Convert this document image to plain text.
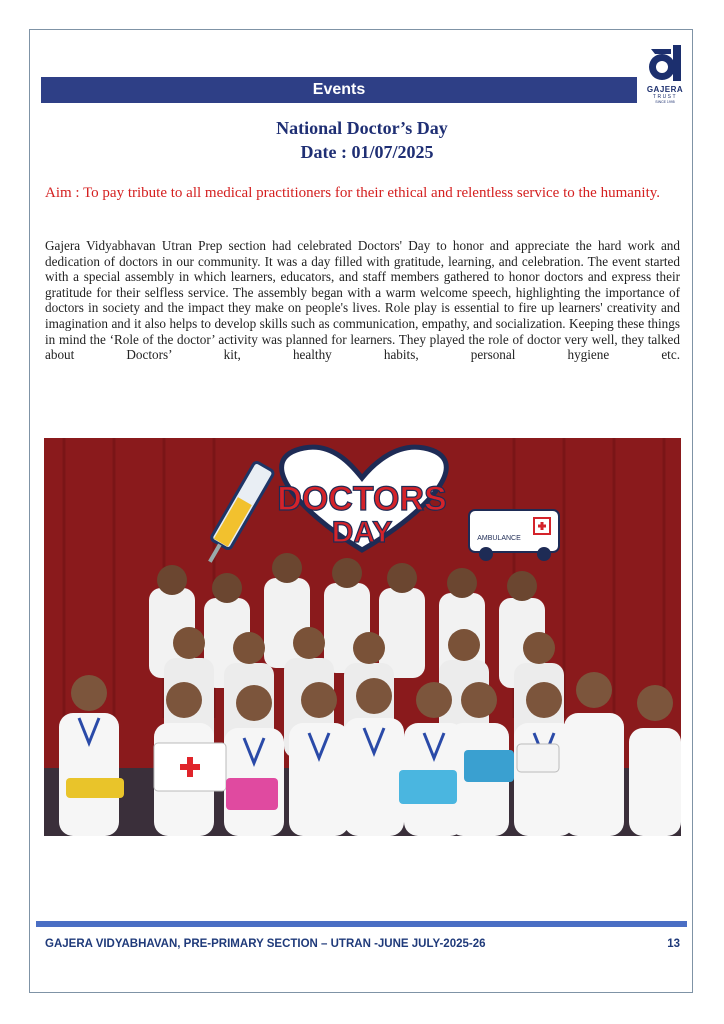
Events	GAJERA
TRUST
SINCE 1995
National Doctor’s Day
Date : 01/07/2025
Aim : To pay tribute to all medical practitioners for their ethical and relentless service to the humanity.
Gajera Vidyabhavan Utran Prep section had celebrated Doctors' Day to honor and appreciate the hard work and dedication of doctors in our community. It was a day filled with gratitude, learning, and celebration. The event started with a special assembly in which learners, educators, and staff members gathered to honor doctors and express their gratitude for their selfless service. The assembly began with a warm welcome speech, highlighting the importance of doctors in society and the impact they make on people's lives. Role play is essential to fire up learners' creativity and imagination and it also helps to develop skills such as communication, empathy, and socialization. Keeping these things in mind the ‘Role of the doctor’ activity was planned for learners. They played the role of doctor very well, they talked about Doctors’ kit, healthy habits, personal hygiene etc.
DOCTORS
DAY	AMBULANCE
GAJERA VIDYABHAVAN, PRE-PRIMARY SECTION – UTRAN -JUNE JULY-2025-26	13
